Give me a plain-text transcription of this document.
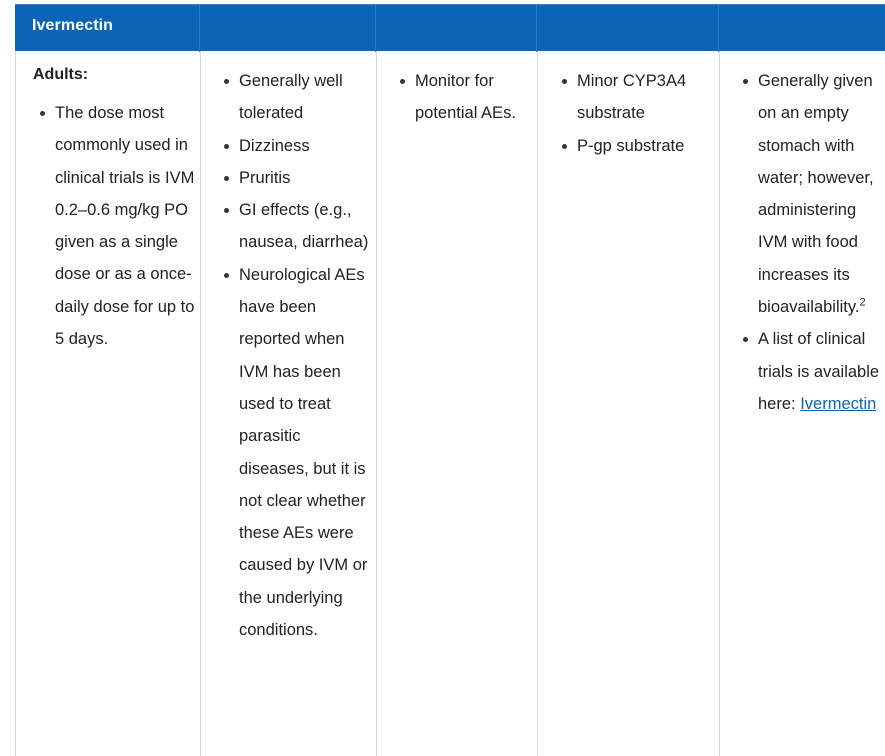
Ivermectin
Adults:
The dose most commonly used in clinical trials is IVM 0.2–0.6 mg/kg PO given as a single dose or as a once-daily dose for up to 5 days.
Generally well tolerated
Dizziness
Pruritis
GI effects (e.g., nausea, diarrhea)
Neurological AEs have been reported when IVM has been used to treat parasitic diseases, but it is not clear whether these AEs were caused by IVM or the underlying conditions.
Monitor for potential AEs.
Minor CYP3A4 substrate
P-gp substrate
Generally given on an empty stomach with water; however, administering IVM with food increases its bioavailability.$^2$
A list of clinical trials is available here: Ivermectin
